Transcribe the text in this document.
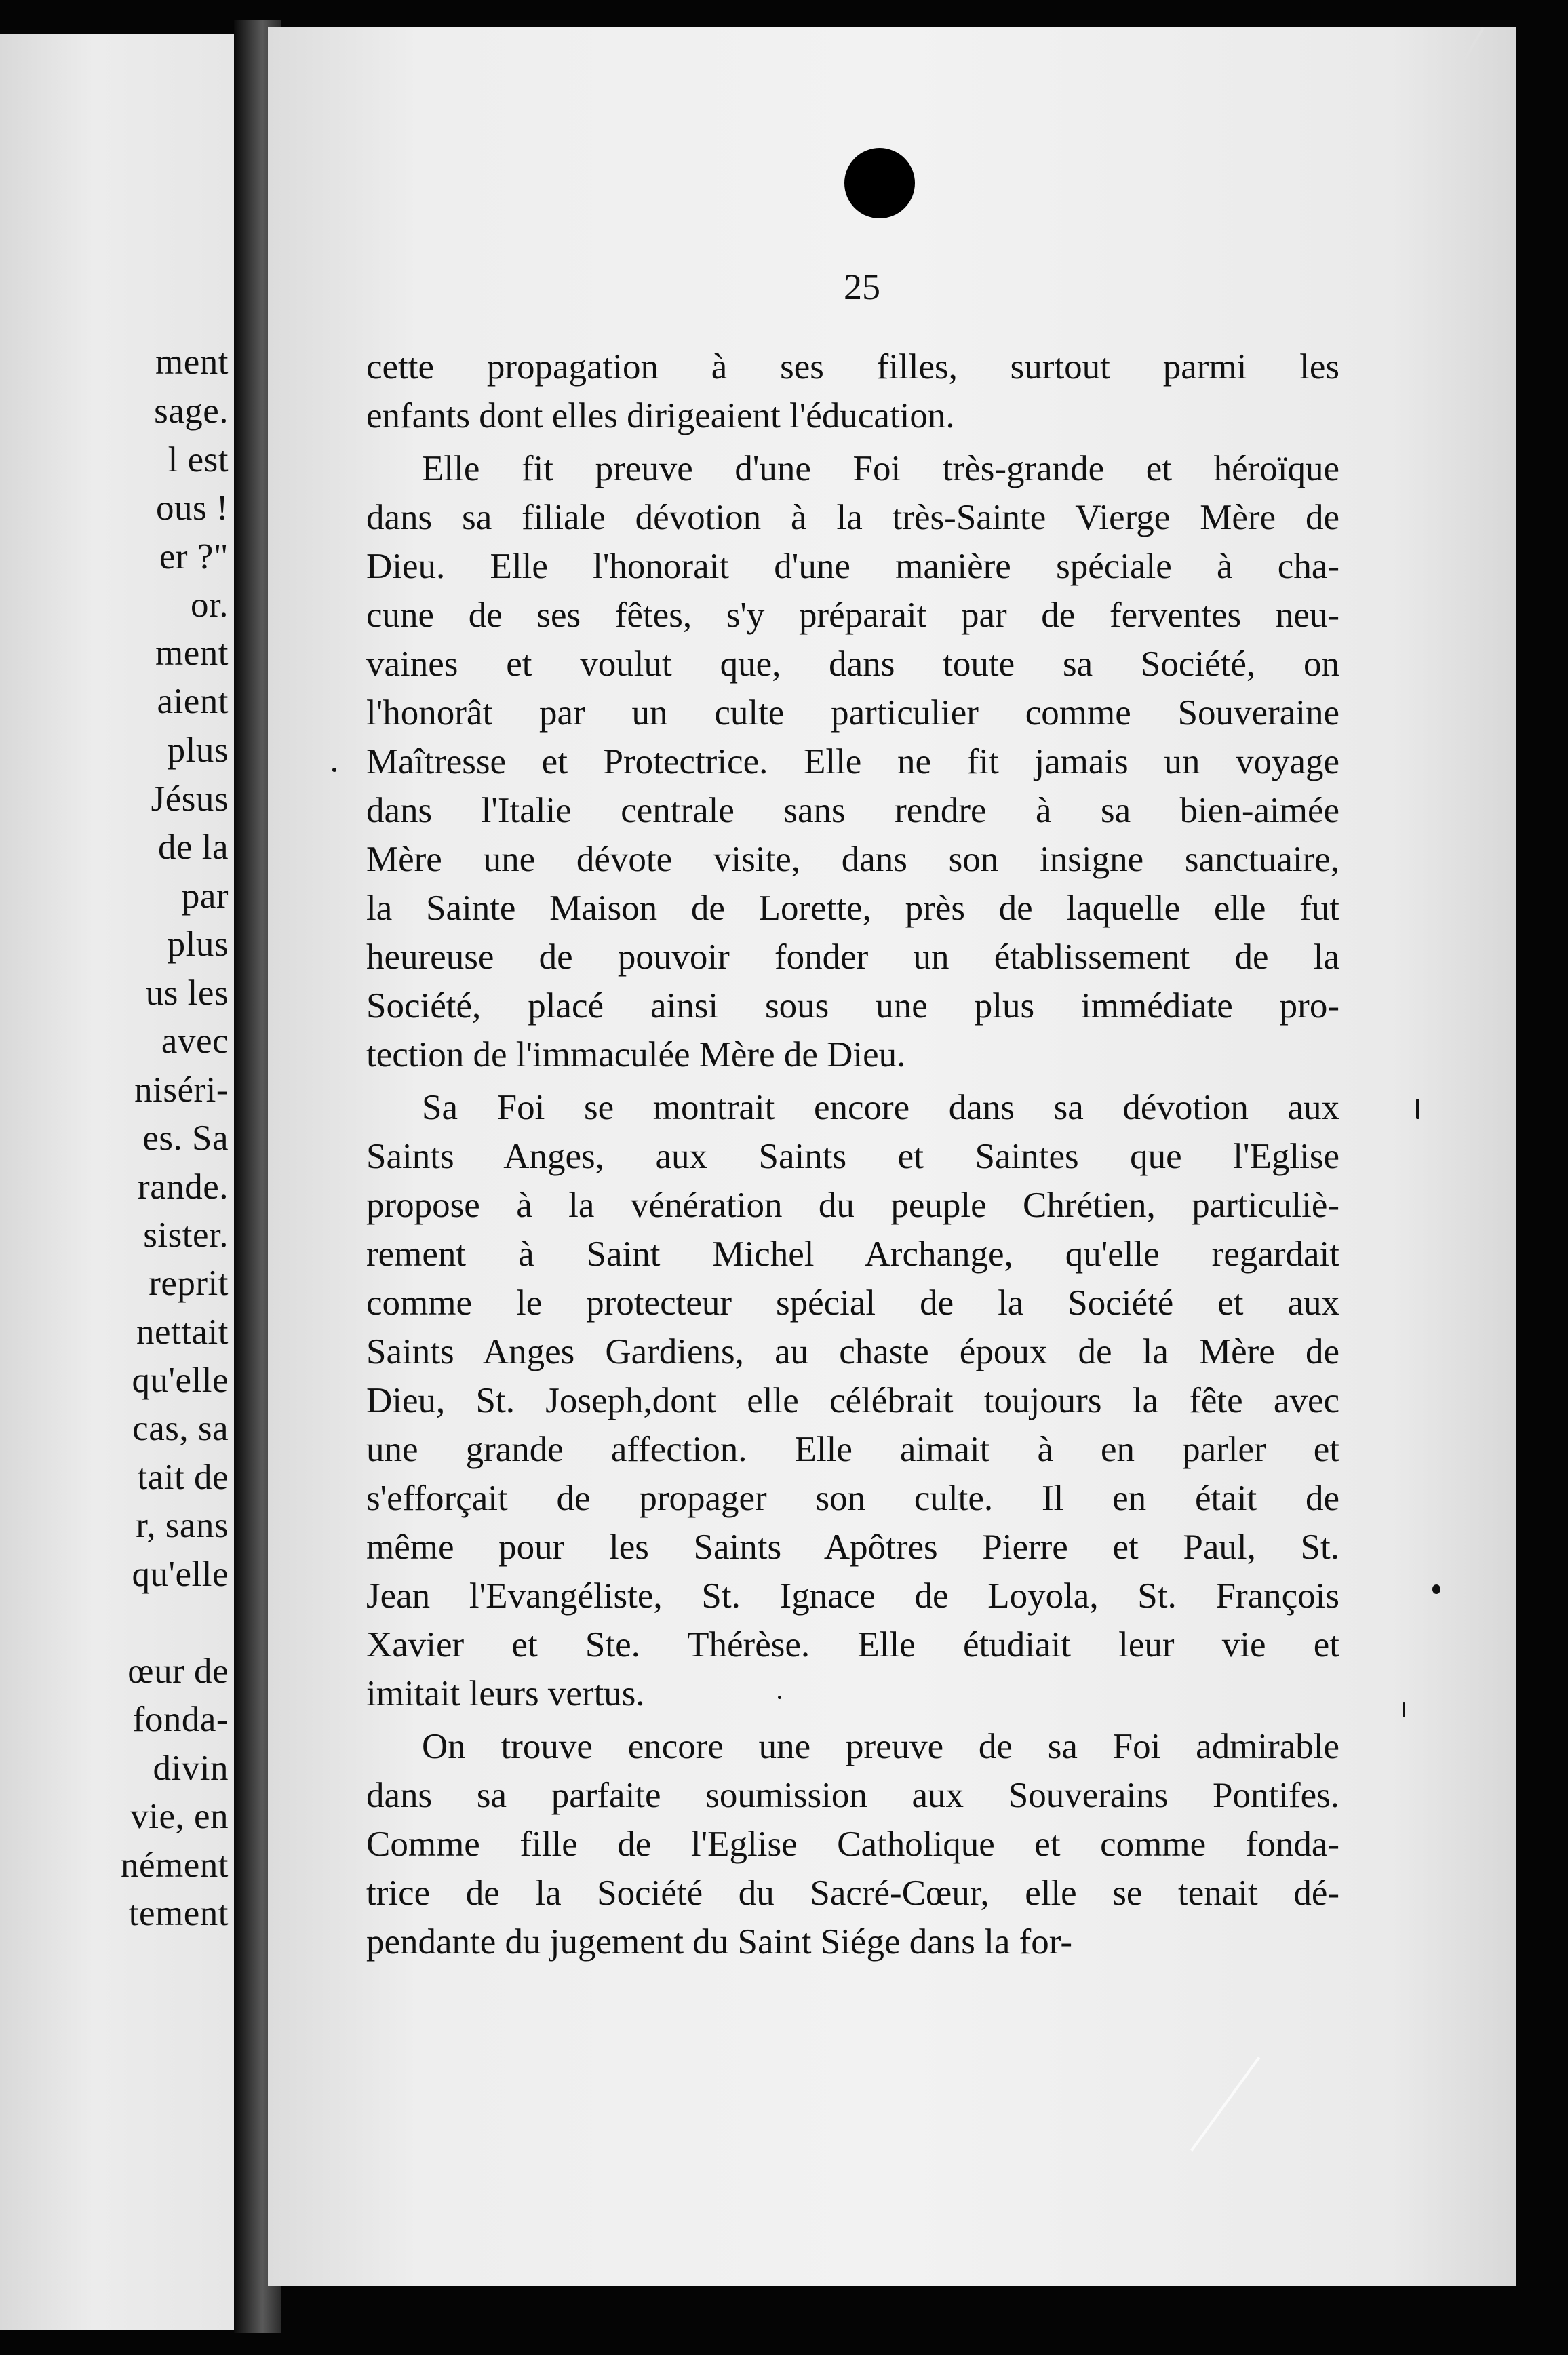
ment
sage.
l est
ous !
er ?"
or.
ment
aient
plus
Jésus
de la
par
plus
us les
avec
niséri-
es. Sa
rande.
sister.
reprit
nettait
qu'elle
cas, sa
tait de
r, sans
qu'elle
œur de
fonda-
divin
vie, en
nément
tement
25
cette propagation à ses filles, surtout parmi les
enfants dont elles dirigeaient l'éducation.
Elle fit preuve d'une Foi très-grande et héroïque
dans sa filiale dévotion à la très-Sainte Vierge Mère de
Dieu. Elle l'honorait d'une manière spéciale à cha-
cune de ses fêtes, s'y préparait par de ferventes neu-
vaines et voulut que, dans toute sa Société, on
l'honorât par un culte particulier comme Souveraine
Maîtresse et Protectrice. Elle ne fit jamais un voyage
dans l'Italie centrale sans rendre à sa bien-aimée
Mère une dévote visite, dans son insigne sanctuaire,
la Sainte Maison de Lorette, près de laquelle elle fut
heureuse de pouvoir fonder un établissement de la
Société, placé ainsi sous une plus immédiate pro-
tection de l'immaculée Mère de Dieu.
Sa Foi se montrait encore dans sa dévotion aux
Saints Anges, aux Saints et Saintes que l'Eglise
propose à la vénération du peuple Chrétien, particuliè-
rement à Saint Michel Archange, qu'elle regardait
comme le protecteur spécial de la Société et aux
Saints Anges Gardiens, au chaste époux de la Mère de
Dieu, St. Joseph,dont elle célébrait toujours la fête avec
une grande affection. Elle aimait à en parler et
s'efforçait de propager son culte. Il en était de
même pour les Saints Apôtres Pierre et Paul, St.
Jean l'Evangéliste, St. Ignace de Loyola, St. François
Xavier et Ste. Thérèse. Elle étudiait leur vie et
imitait leurs vertus.
On trouve encore une preuve de sa Foi admirable
dans sa parfaite soumission aux Souverains Pontifes.
Comme fille de l'Eglise Catholique et comme fonda-
trice de la Société du Sacré-Cœur, elle se tenait dé-
pendante du jugement du Saint Siége dans la for-
